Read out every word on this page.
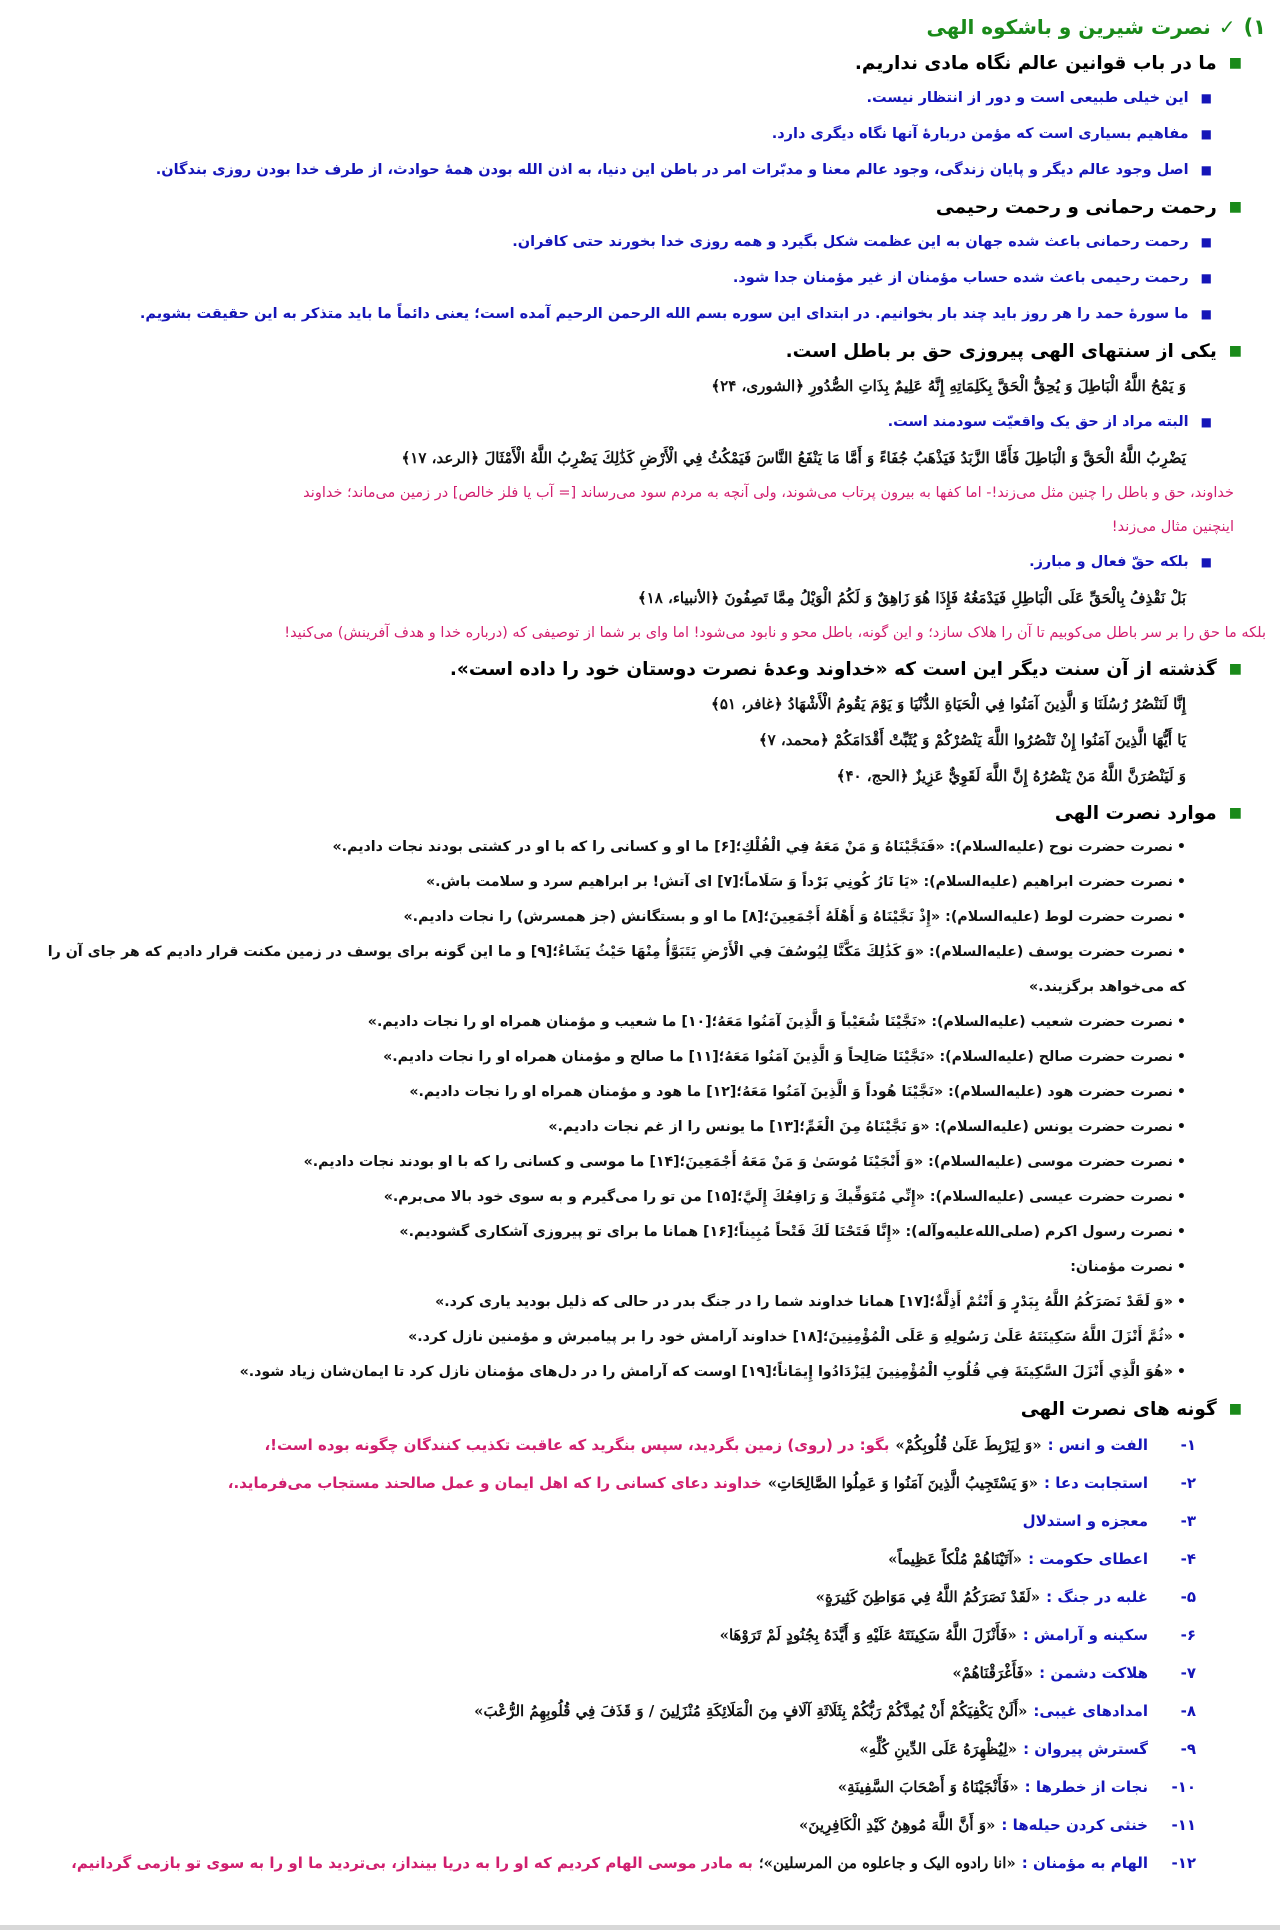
۱)
✓
نصرت شیرین و باشکوه الهی
■
ما در باب قوانین عالم نگاه مادی نداریم.
■
این خیلی طبیعی است و دور از انتظار نیست.
■
مفاهیم بسیاری است که مؤمن دربارهٔ آنها نگاه دیگری دارد.
■
اصل وجود عالم دیگر و پایان زندگی، وجود عالم معنا و مدبّرات امر در باطن این دنیا، به اذن الله بودن همهٔ حوادث، از طرف خدا بودن روزی بندگان.
■
رحمت رحمانی و رحمت رحیمی
■
رحمت رحمانی باعث شده جهان به این عظمت شکل بگیرد و همه روزی خدا بخورند حتی کافران.
■
رحمت رحیمی باعث شده حساب مؤمنان از غیر مؤمنان جدا شود.
■
ما سورهٔ حمد را هر روز باید چند بار بخوانیم. در ابتدای این سوره بسم الله الرحمن الرحیم آمده است؛ یعنی دائماً ما باید متذکر به این حقیقت بشویم.
■
یکی از سنتهای الهی پیروزی حق بر باطل است.
وَ يَمْحُ اللَّهُ الْبَاطِلَ وَ يُحِقُّ الْحَقَّ بِكَلِمَاتِهِ إِنَّهُ عَلِيمٌ بِذَاتِ الصُّدُورِ ﴿الشوری، ۲۴﴾
■
البته مراد از حق یک واقعیّت سودمند است.
يَضْرِبُ اللَّهُ الْحَقَّ وَ الْبَاطِلَ فَأَمَّا الزَّبَدُ فَيَذْهَبُ جُفَاءً وَ أَمَّا مَا يَنْفَعُ النَّاسَ فَيَمْكُثُ فِي الْأَرْضِ كَذَٰلِكَ يَضْرِبُ اللَّهُ الْأَمْثَالَ ﴿الرعد، ۱۷﴾
خداوند، حق و باطل را چنین مثل می‌زند!- اما کفها به بیرون پرتاب می‌شوند، ولی آنچه به مردم سود می‌رساند [= آب یا فلز خالص] در زمین می‌ماند؛ خداوند
اینچنین مثال می‌زند!
■
بلکه حقّ فعال و مبارز.
بَلْ نَقْذِفُ بِالْحَقِّ عَلَى الْبَاطِلِ فَيَدْمَغُهُ فَإِذَا هُوَ زَاهِقٌ وَ لَكُمُ الْوَيْلُ مِمَّا تَصِفُونَ ﴿الأنبياء، ۱۸﴾
بلکه ما حق را بر سر باطل می‌کوبیم تا آن را هلاک سازد؛ و این گونه، باطل محو و نابود می‌شود! اما وای بر شما از توصیفی که (درباره خدا و هدف آفرینش) می‌کنید!
■
گذشته از آن سنت دیگر این است که «خداوند وعدهٔ نصرت دوستان خود را داده است».
إِنَّا لَنَنْصُرُ رُسُلَنَا وَ الَّذِينَ آمَنُوا فِي الْحَيَاةِ الدُّنْيَا وَ يَوْمَ يَقُومُ الْأَشْهَادُ ﴿غافر، ۵۱﴾
يَا أَيُّهَا الَّذِينَ آمَنُوا إِنْ تَنْصُرُوا اللَّهَ يَنْصُرْكُمْ وَ يُثَبِّتْ أَقْدَامَكُمْ ﴿محمد، ۷﴾
وَ لَيَنْصُرَنَّ اللَّهُ مَنْ يَنْصُرُهُ إِنَّ اللَّهَ لَقَوِيٌّ عَزِيزٌ ﴿الحج، ۴۰﴾
■
موارد نصرت الهی
•نصرت حضرت نوح (علیه‌السلام): «فَنَجَّيْنَاهُ وَ مَنْ مَعَهُ فِي الْفُلْكِ؛[۶] ما او و کسانی را که با او در کشتی بودند نجات دادیم.»
•نصرت حضرت ابراهیم (علیه‌السلام): «يَا نَارُ كُونِي بَرْداً وَ سَلَاماً؛[۷] ای آتش! بر ابراهیم سرد و سلامت باش.»
•نصرت حضرت لوط (علیه‌السلام): «إِذْ نَجَّيْنَاهُ وَ أَهْلَهُ أَجْمَعِينَ؛[۸] ما او و بستگانش (جز همسرش) را نجات دادیم.»
•نصرت حضرت یوسف (علیه‌السلام): «وَ كَذَٰلِكَ مَكَّنَّا لِيُوسُفَ فِي الْأَرْضِ يَتَبَوَّأُ مِنْهَا حَيْثُ يَشَاءُ؛[۹] و ما این گونه برای یوسف در زمین مکنت قرار دادیم که هر جای آن را که می‌خواهد برگزیند.»
•نصرت حضرت شعیب (علیه‌السلام): «نَجَّيْنَا شُعَيْباً وَ الَّذِينَ آمَنُوا مَعَهُ؛[۱۰] ما شعیب و مؤمنان همراه او را نجات دادیم.»
•نصرت حضرت صالح (علیه‌السلام): «نَجَّيْنَا صَالِحاً وَ الَّذِينَ آمَنُوا مَعَهُ؛[۱۱] ما صالح و مؤمنان همراه او را نجات دادیم.»
•نصرت حضرت هود (علیه‌السلام): «نَجَّيْنَا هُوداً وَ الَّذِينَ آمَنُوا مَعَهُ؛[۱۲] ما هود و مؤمنان همراه او را نجات دادیم.»
•نصرت حضرت یونس (علیه‌السلام): «وَ نَجَّيْنَاهُ مِنَ الْغَمِّ؛[۱۳] ما یونس را از غم نجات دادیم.»
•نصرت حضرت موسی (علیه‌السلام): «وَ أَنْجَيْنَا مُوسَىٰ وَ مَنْ مَعَهُ أَجْمَعِينَ؛[۱۴] ما موسی و کسانی را که با او بودند نجات دادیم.»
•نصرت حضرت عیسی (علیه‌السلام): «إِنِّي مُتَوَفِّيكَ وَ رَافِعُكَ إِلَيَّ؛[۱۵] من تو را می‌گیرم و به سوی خود بالا می‌برم.»
•نصرت رسول اکرم (صلی‌الله‌علیه‌وآله): «إِنَّا فَتَحْنَا لَكَ فَتْحاً مُبِيناً؛[۱۶] همانا ما برای تو پیروزی آشکاری گشودیم.»
•نصرت مؤمنان:
•«وَ لَقَدْ نَصَرَكُمُ اللَّهُ بِبَدْرٍ وَ أَنْتُمْ أَذِلَّةٌ؛[۱۷] همانا خداوند شما را در جنگ بدر در حالی که ذلیل بودید یاری کرد.»
•«ثُمَّ أَنْزَلَ اللَّهُ سَكِينَتَهُ عَلَىٰ رَسُولِهِ وَ عَلَى الْمُؤْمِنِينَ؛[۱۸] خداوند آرامش خود را بر پیامبرش و مؤمنین نازل کرد.»
•«هُوَ الَّذِي أَنْزَلَ السَّكِينَةَ فِي قُلُوبِ الْمُؤْمِنِينَ لِيَزْدَادُوا إِيمَاناً؛[۱۹] اوست که آرامش را در دل‌های مؤمنان نازل کرد تا ایمان‌شان زیاد شود.»
■
گونه های نصرت الهی
۱-
الفت و انس :
«وَ لِيَرْبِطَ عَلَىٰ قُلُوبِكُمْ»
بگو: در (روی) زمین بگردید، سپس بنگرید که عاقبت تکذیب کنندگان چگونه بوده است!،
۲-
استجابت دعا :
«وَ يَسْتَجِيبُ الَّذِينَ آمَنُوا وَ عَمِلُوا الصَّالِحَاتِ»
خداوند دعای کسانی را که اهل ایمان و عمل صالحند مستجاب می‌فرماید.،
۳-
معجزه و استدلال
۴-
اعطای حکومت :
«آتَيْنَاهُمْ مُلْكاً عَظِيماً»
۵-
غلبه در جنگ :
«لَقَدْ نَصَرَكُمُ اللَّهُ فِي مَوَاطِنَ كَثِيرَةٍ»
۶-
سکینه و آرامش :
«فَأَنْزَلَ اللَّهُ سَكِينَتَهُ عَلَيْهِ وَ أَيَّدَهُ بِجُنُودٍ لَمْ تَرَوْهَا»
۷-
هلاکت دشمن :
«فَأَغْرَقْنَاهُمْ»
۸-
امدادهای غیبی:
«أَلَنْ يَكْفِيَكُمْ أَنْ يُمِدَّكُمْ رَبُّكُمْ بِثَلَاثَةِ آلَافٍ مِنَ الْمَلَائِكَةِ مُنْزَلِينَ / وَ قَذَفَ فِي قُلُوبِهِمُ الرُّعْبَ»
۹-
گسترش پیروان :
«لِيُظْهِرَهُ عَلَى الدِّينِ كُلِّهِ»
۱۰-
نجات از خطرها :
«فَأَنْجَيْنَاهُ وَ أَصْحَابَ السَّفِينَةِ»
۱۱-
خنثی کردن حیله‌ها :
«وَ أَنَّ اللَّهَ مُوهِنُ كَيْدِ الْكَافِرِينَ»
۱۲-
الهام به مؤمنان :
«انا رادوه الیک و جاعلوه من المرسلین»؛
به مادر موسی الهام کردیم که او را به دریا بینداز، بی‌تردید ما او را به سوی تو بازمی گردانیم،
